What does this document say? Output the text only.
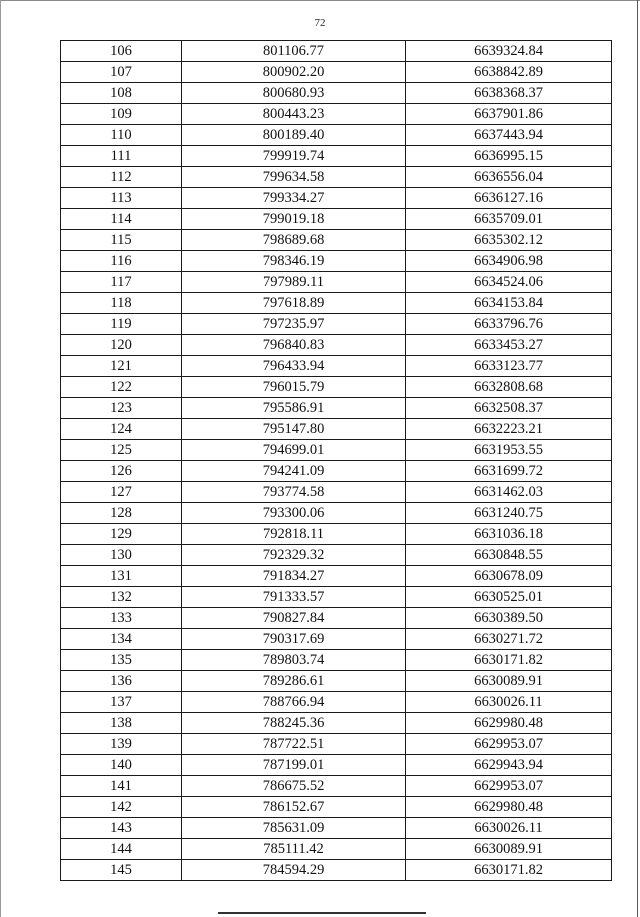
72
106	801106.77	6639324.84
107	800902.20	6638842.89
108	800680.93	6638368.37
109	800443.23	6637901.86
110	800189.40	6637443.94
111	799919.74	6636995.15
112	799634.58	6636556.04
113	799334.27	6636127.16
114	799019.18	6635709.01
115	798689.68	6635302.12
116	798346.19	6634906.98
117	797989.11	6634524.06
118	797618.89	6634153.84
119	797235.97	6633796.76
120	796840.83	6633453.27
121	796433.94	6633123.77
122	796015.79	6632808.68
123	795586.91	6632508.37
124	795147.80	6632223.21
125	794699.01	6631953.55
126	794241.09	6631699.72
127	793774.58	6631462.03
128	793300.06	6631240.75
129	792818.11	6631036.18
130	792329.32	6630848.55
131	791834.27	6630678.09
132	791333.57	6630525.01
133	790827.84	6630389.50
134	790317.69	6630271.72
135	789803.74	6630171.82
136	789286.61	6630089.91
137	788766.94	6630026.11
138	788245.36	6629980.48
139	787722.51	6629953.07
140	787199.01	6629943.94
141	786675.52	6629953.07
142	786152.67	6629980.48
143	785631.09	6630026.11
144	785111.42	6630089.91
145	784594.29	6630171.82
